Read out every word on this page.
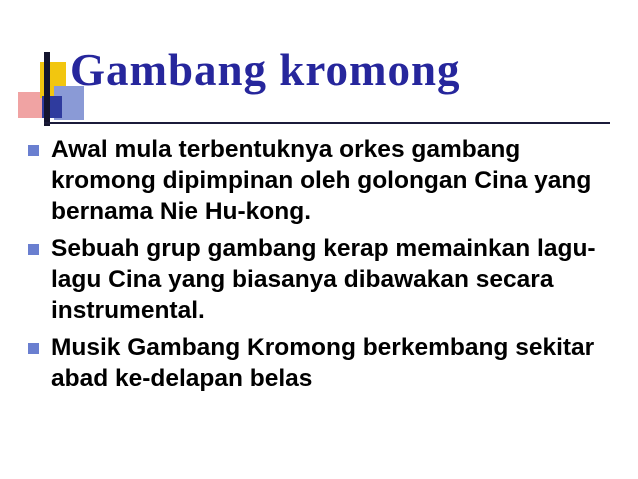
Gambang kromong
Awal mula terbentuknya orkes gambang kromong dipimpinan oleh golongan Cina yang bernama Nie Hu-kong.
Sebuah grup gambang kerap memainkan lagu-lagu Cina yang biasanya dibawakan secara instrumental.
Musik Gambang Kromong berkembang sekitar abad ke-delapan belas
